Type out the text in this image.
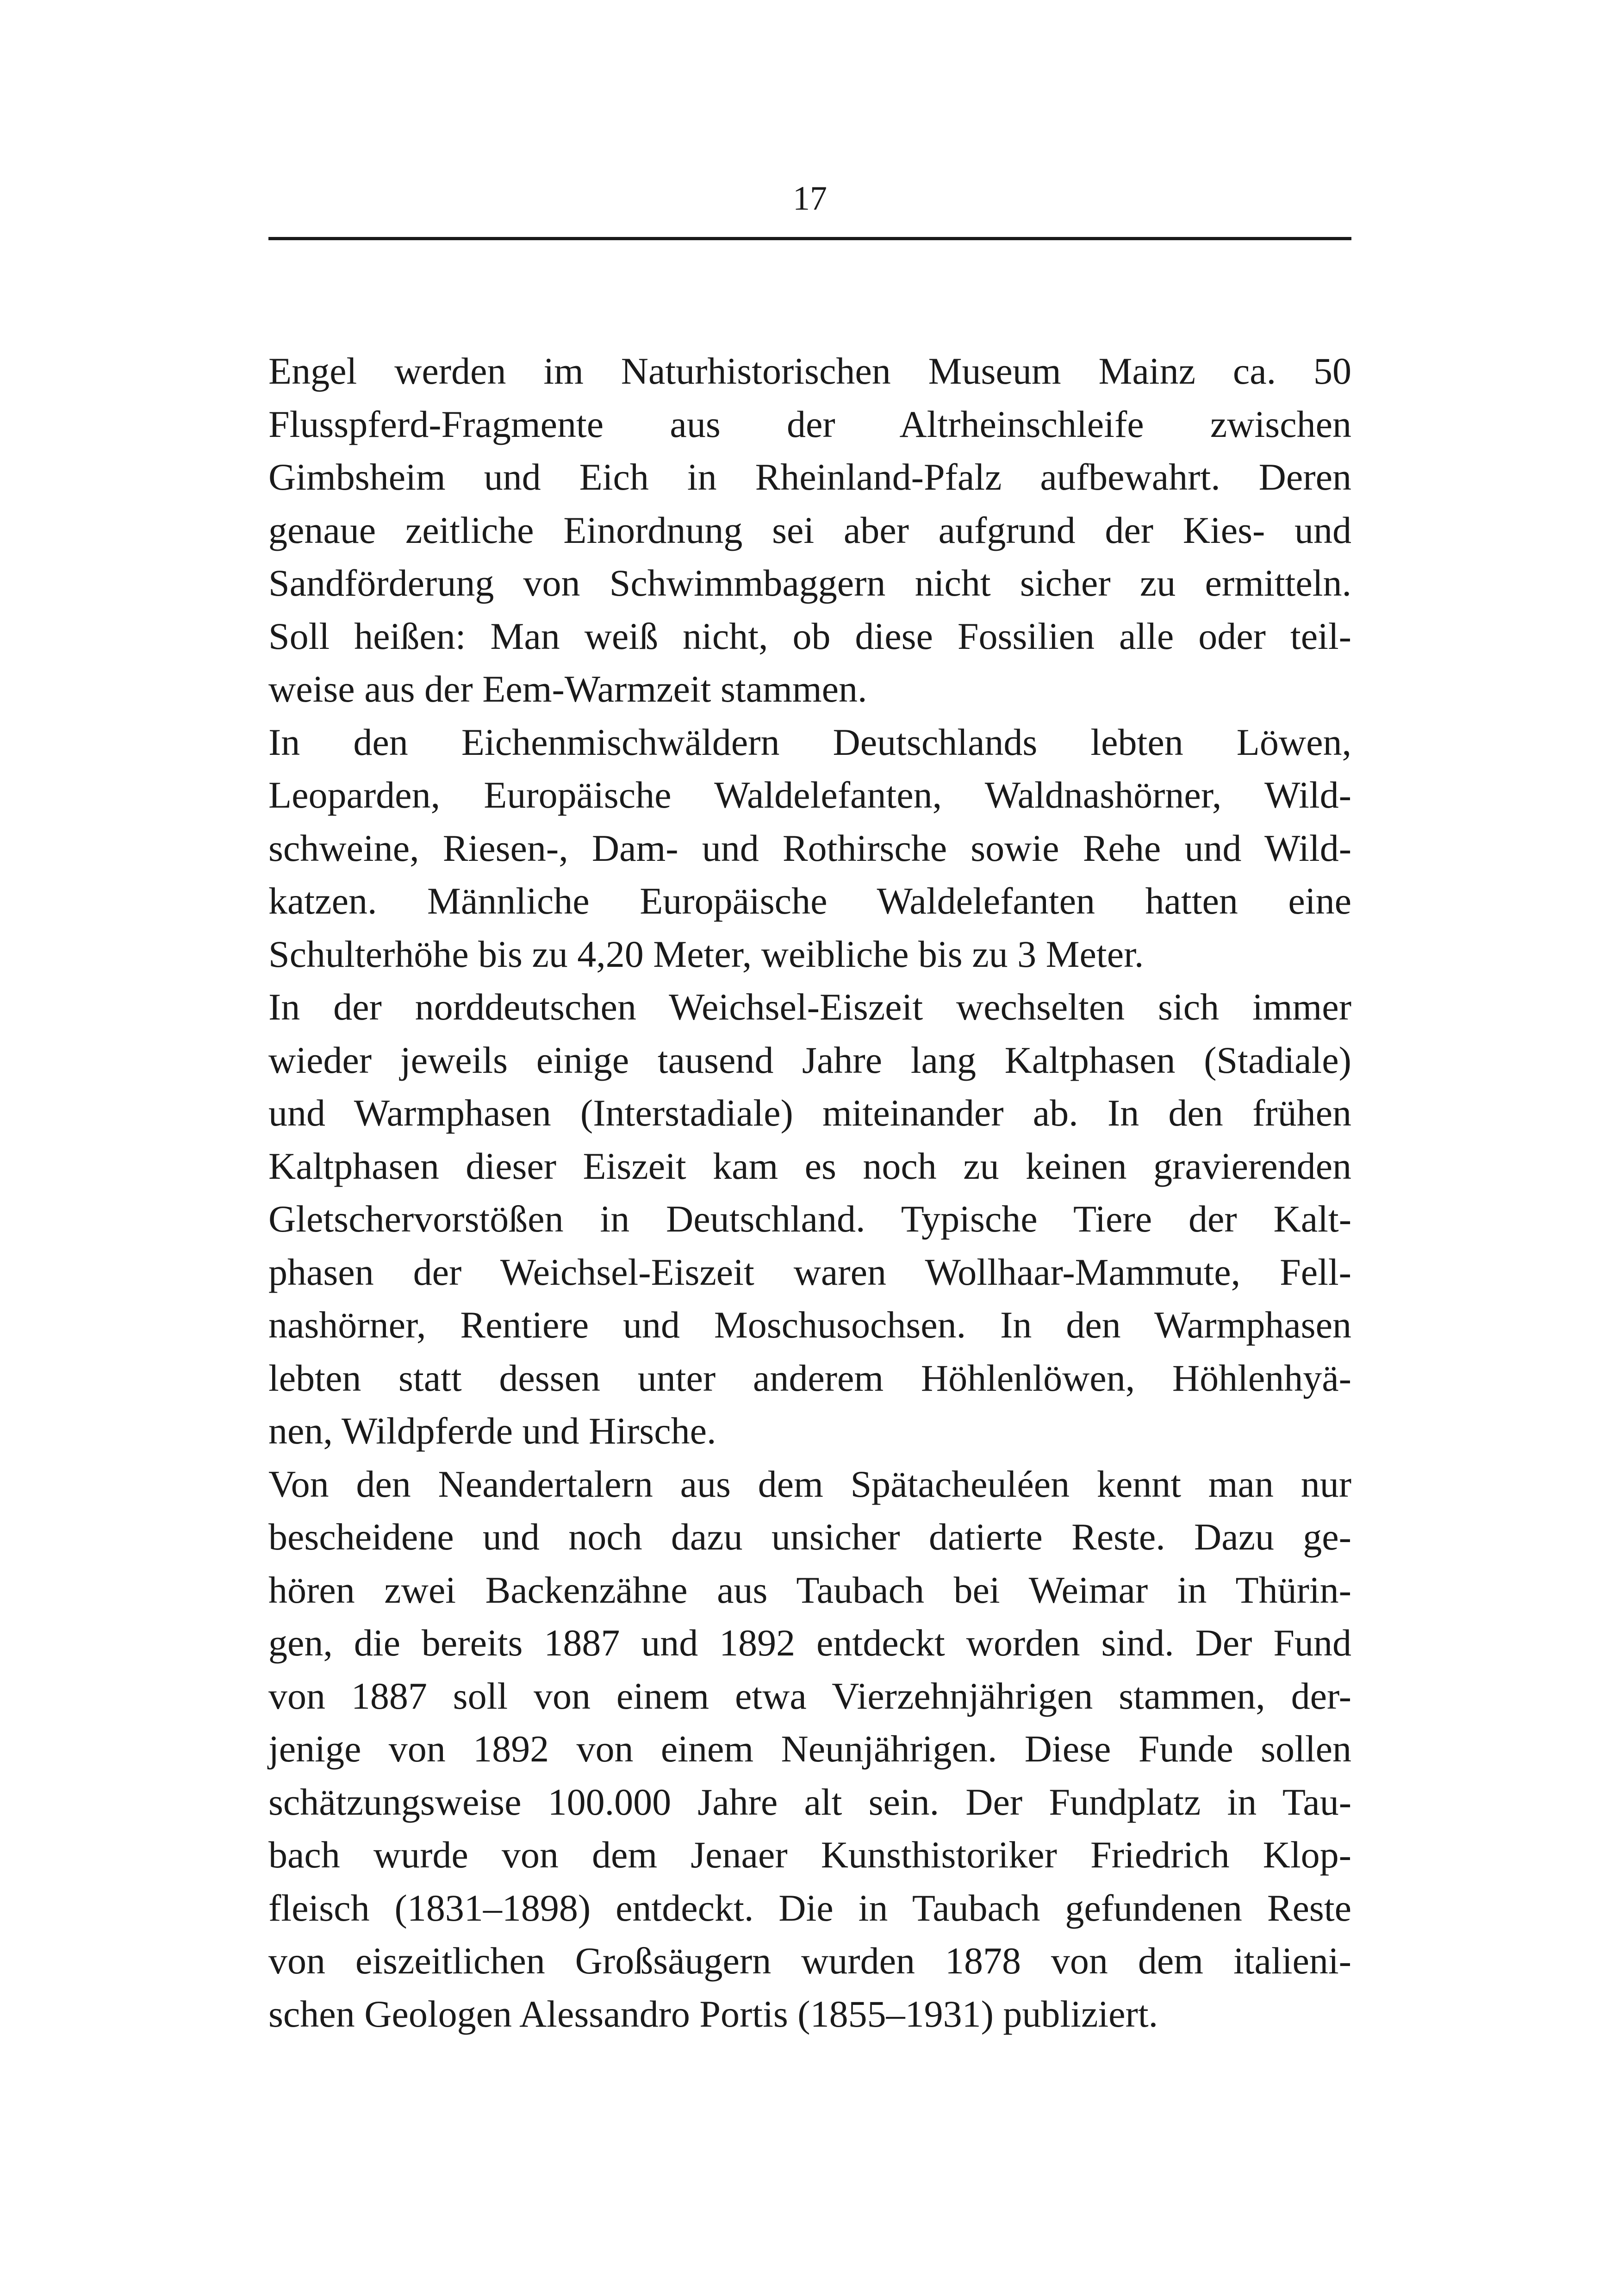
17
Engel werden im Naturhistorischen Museum Mainz ca. 50
Flusspferd-Fragmente aus der Altrheinschleife zwischen
Gimbsheim und Eich in Rheinland-Pfalz aufbewahrt. Deren
genaue zeitliche Einordnung sei aber aufgrund der Kies- und
Sandförderung von Schwimmbaggern nicht sicher zu ermitteln.
Soll heißen: Man weiß nicht, ob diese Fossilien alle oder teil-
weise aus der Eem-Warmzeit stammen.
In den Eichenmischwäldern Deutschlands lebten Löwen,
Leoparden, Europäische Waldelefanten, Waldnashörner, Wild-
schweine, Riesen-, Dam- und Rothirsche sowie Rehe und Wild-
katzen. Männliche Europäische Waldelefanten hatten eine
Schulterhöhe bis zu 4,20 Meter, weibliche bis zu 3 Meter.
In der norddeutschen Weichsel-Eiszeit wechselten sich immer
wieder jeweils einige tausend Jahre lang Kaltphasen (Stadiale)
und Warmphasen (Interstadiale) miteinander ab. In den frühen
Kaltphasen dieser Eiszeit kam es noch zu keinen gravierenden
Gletschervorstößen in Deutschland. Typische Tiere der Kalt-
phasen der Weichsel-Eiszeit waren Wollhaar-Mammute, Fell-
nashörner, Rentiere und Moschusochsen. In den Warmphasen
lebten statt dessen unter anderem Höhlenlöwen, Höhlenhyä-
nen, Wildpferde und Hirsche.
Von den Neandertalern aus dem Spätacheuléen kennt man nur
bescheidene und noch dazu unsicher datierte Reste. Dazu ge-
hören zwei Backenzähne aus Taubach bei Weimar in Thürin-
gen, die bereits 1887 und 1892 entdeckt worden sind. Der Fund
von 1887 soll von einem etwa Vierzehnjährigen stammen, der-
jenige von 1892 von einem Neunjährigen. Diese Funde sollen
schätzungsweise 100.000 Jahre alt sein. Der Fundplatz in Tau-
bach wurde von dem Jenaer Kunsthistoriker Friedrich Klop-
fleisch (1831–1898) entdeckt. Die in Taubach gefundenen Reste
von eiszeitlichen Großsäugern wurden 1878 von dem italieni-
schen Geologen Alessandro Portis (1855–1931) publiziert.
